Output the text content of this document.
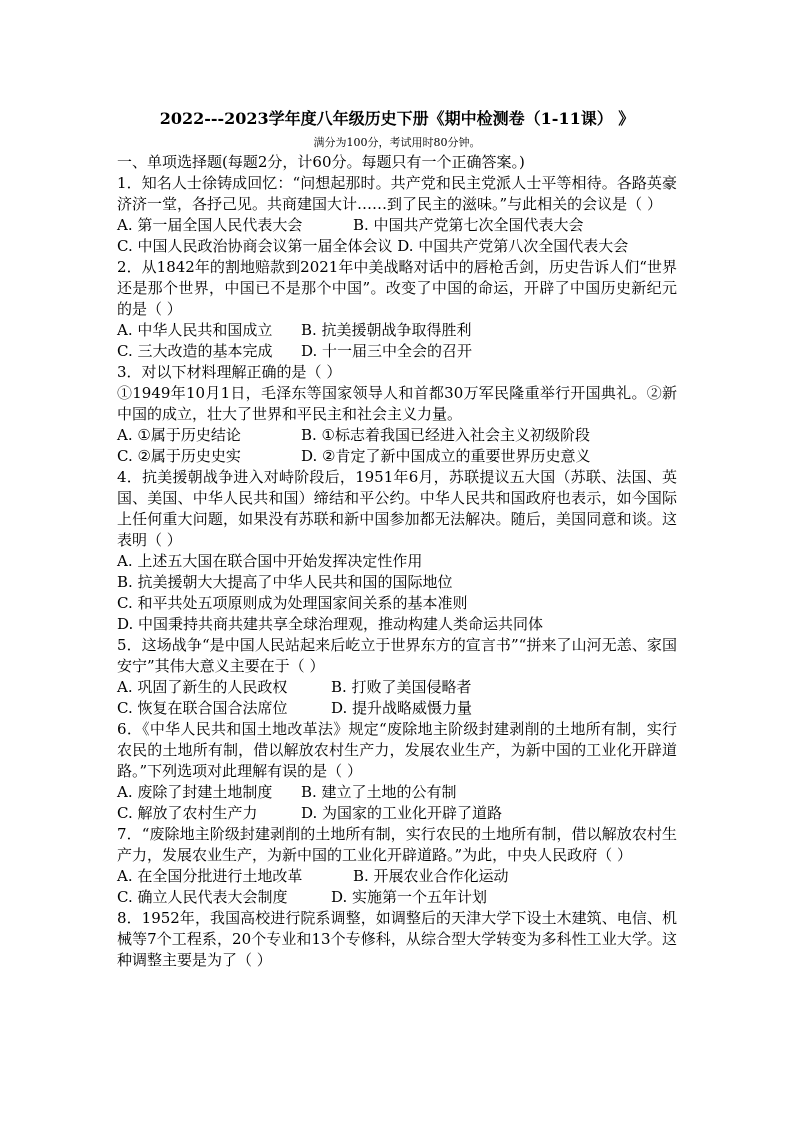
2022---2023学年度八年级历史下册《期中检测卷（1-11课） 》
满分为100分，考试用时80分钟。
一、单项选择题(每题2分，计60分。每题只有一个正确答案。)
1．知名人士徐铸成回忆：“问想起那时。共产党和民主党派人士平等相待。各路英豪济济一堂，各抒己见。共商建国大计……到了民主的滋味。”与此相关的会议是（ ）
A. 第一届全国人民代表大会	B. 中国共产党第七次全国代表大会
C. 中国人民政治协商会议第一届全体会议
D. 中国共产党第八次全国代表大会
2．从1842年的割地赔款到2021年中美战略对话中的唇枪舌剑，历史告诉人们“世界还是那个世界，中国已不是那个中国”。改变了中国的命运，开辟了中国历史新纪元的是（ ）
A. 中华人民共和国成立	B. 抗美援朝战争取得胜利
C. 三大改造的基本完成	D. 十一届三中全会的召开
3．对以下材料理解正确的是（ ）
①1949年10月1日，毛泽东等国家领导人和首都30万军民隆重举行开国典礼。②新中国的成立，壮大了世界和平民主和社会主义力量。
A. ①属于历史结论	B. ①标志着我国已经进入社会主义初级阶段
C. ②属于历史史实	D. ②肯定了新中国成立的重要世界历史意义
4．抗美援朝战争进入对峙阶段后，1951年6月，苏联提议五大国（苏联、法国、英国、美国、中华人民共和国）缔结和平公约。中华人民共和国政府也表示，如今国际上任何重大问题，如果没有苏联和新中国参加都无法解决。随后，美国同意和谈。这表明（ ）
A. 上述五大国在联合国中开始发挥决定性作用
B. 抗美援朝大大提高了中华人民共和国的国际地位
C. 和平共处五项原则成为处理国家间关系的基本准则
D. 中国秉持共商共建共享全球治理观，推动构建人类命运共同体
5．这场战争“是中国人民站起来后屹立于世界东方的宣言书”“拼来了山河无恙、家国安宁”其伟大意义主要在于（ ）
A. 巩固了新生的人民政权	B. 打败了美国侵略者
C. 恢复在联合国合法席位	D. 提升战略威慑力量
6．《中华人民共和国土地改革法》规定“废除地主阶级封建剥削的土地所有制，实行农民的土地所有制，借以解放农村生产力，发展农业生产，为新中国的工业化开辟道路。”下列选项对此理解有误的是（ ）
A. 废除了封建土地制度	B. 建立了土地的公有制
C. 解放了农村生产力	D. 为国家的工业化开辟了道路
7．“废除地主阶级封建剥削的土地所有制，实行农民的土地所有制，借以解放农村生产力，发展农业生产，为新中国的工业化开辟道路。”为此，中央人民政府（ ）
A. 在全国分批进行土地改革	B. 开展农业合作化运动
C. 确立人民代表大会制度	D. 实施第一个五年计划
8．1952年，我国高校进行院系调整，如调整后的天津大学下设土木建筑、电信、机械等7个工程系，20个专业和13个专修科，从综合型大学转变为多科性工业大学。这种调整主要是为了（ ）
